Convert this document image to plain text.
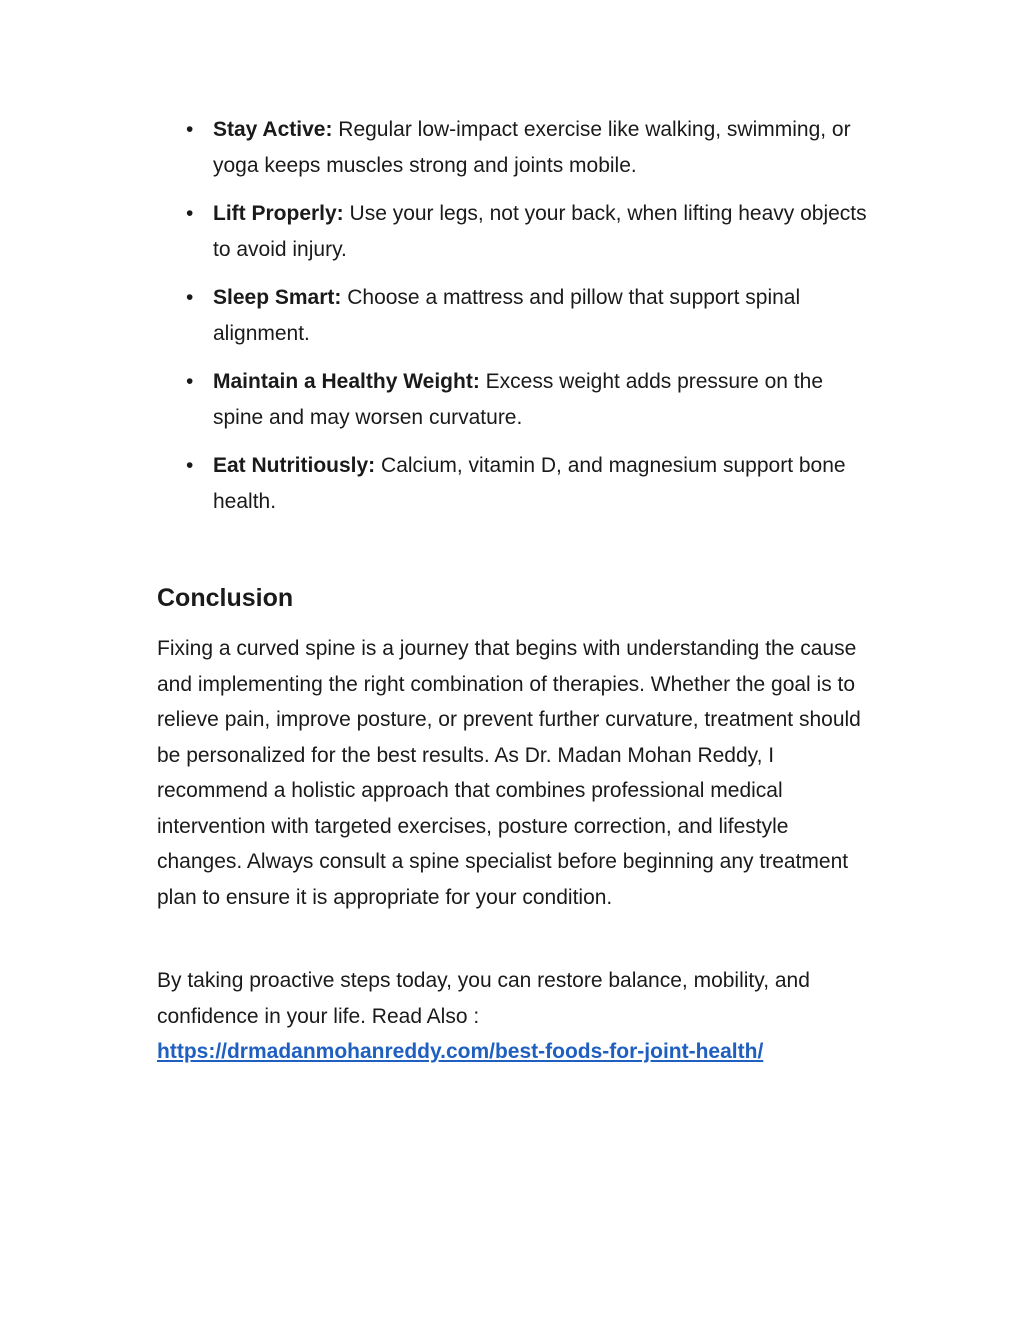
• Stay Active: Regular low-impact exercise like walking, swimming, or yoga keeps muscles strong and joints mobile.
• Lift Properly: Use your legs, not your back, when lifting heavy objects to avoid injury.
• Sleep Smart: Choose a mattress and pillow that support spinal alignment.
• Maintain a Healthy Weight: Excess weight adds pressure on the spine and may worsen curvature.
• Eat Nutritiously: Calcium, vitamin D, and magnesium support bone health.
Conclusion

Fixing a curved spine is a journey that begins with understanding the cause and implementing the right combination of therapies. Whether the goal is to relieve pain, improve posture, or prevent further curvature, treatment should be personalized for the best results. As Dr. Madan Mohan Reddy, I recommend a holistic approach that combines professional medical intervention with targeted exercises, posture correction, and lifestyle changes. Always consult a spine specialist before beginning any treatment plan to ensure it is appropriate for your condition.

By taking proactive steps today, you can restore balance, mobility, and confidence in your life. Read Also :
https://drmadanmohanreddy.com/best-foods-for-joint-health/
